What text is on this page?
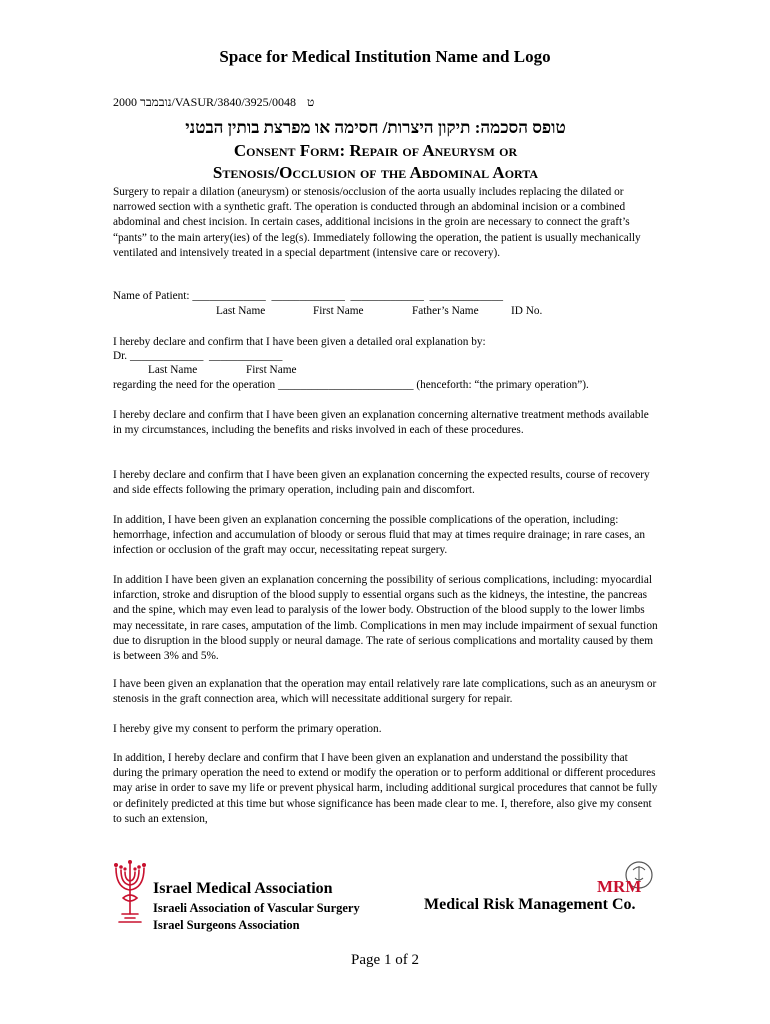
Space for Medical Institution Name and Logo
2000 נובמבר/VASUR/3840/3925/0048 ט
טופס הסכמה: תיקון היצרות/ חסימה או מפרצת בותין הבטני
Consent Form: Repair of Aneurysm or
Stenosis/Occlusion of the Abdominal Aorta

Surgery to repair a dilation (aneurysm) or stenosis/occlusion of the aorta usually includes replacing the dilated or narrowed section with a synthetic graft. The operation is conducted through an abdominal incision or a combined abdominal and chest incision. In certain cases, additional incisions in the groin are necessary to connect the graft’s “pants” to the main artery(ies) of the leg(s). Immediately following the operation, the patient is usually mechanically ventilated and intensively treated in a special department (intensive care or recovery).

Name of Patient: _____________  _____________  _____________  _____________
Last Name	First Name	Father’s Name	ID No.

I hereby declare and confirm that I have been given a detailed oral explanation by:

Dr. _____________  _____________
Last Name	First Name
regarding the need for the operation ________________________ (henceforth: “the primary operation”).

I hereby declare and confirm that I have been given an explanation concerning alternative treatment methods available in my circumstances, including the benefits and risks involved in each of these procedures.

I hereby declare and confirm that I have been given an explanation concerning the expected results, course of recovery and side effects following the primary operation, including pain and discomfort.

In addition, I have been given an explanation concerning the possible complications of the operation, including: hemorrhage, infection and accumulation of bloody or serous fluid that may at times require drainage; in rare cases, an infection or occlusion of the graft may occur, necessitating repeat surgery.

In addition I have been given an explanation concerning the possibility of serious complications, including: myocardial infarction, stroke and disruption of the blood supply to essential organs such as the kidneys, the intestine, the pancreas and the spine, which may even lead to paralysis of the lower body. Obstruction of the blood supply to the lower limbs may necessitate, in rare cases, amputation of the limb. Complications in men may include impairment of sexual function due to disruption in the blood supply or neural damage. The rate of serious complications and mortality caused by them is between 3% and 5%.

I have been given an explanation that the operation may entail relatively rare late complications, such as an aneurysm or stenosis in the graft connection area, which will necessitate additional surgery for repair.

I hereby give my consent to perform the primary operation.

In addition, I hereby declare and confirm that I have been given an explanation and understand the possibility that during the primary operation the need to extend or modify the operation or to perform additional or different procedures may arise in order to save my life or prevent physical harm, including additional surgical procedures that cannot be fully or definitely predicted at this time but whose significance has been made clear to me. I, therefore, also give my consent to such an extension,

Israel Medical Association
Israeli Association of Vascular Surgery
Israel Surgeons Association
MRM
Medical Risk Management Co.
Page 1 of 2
